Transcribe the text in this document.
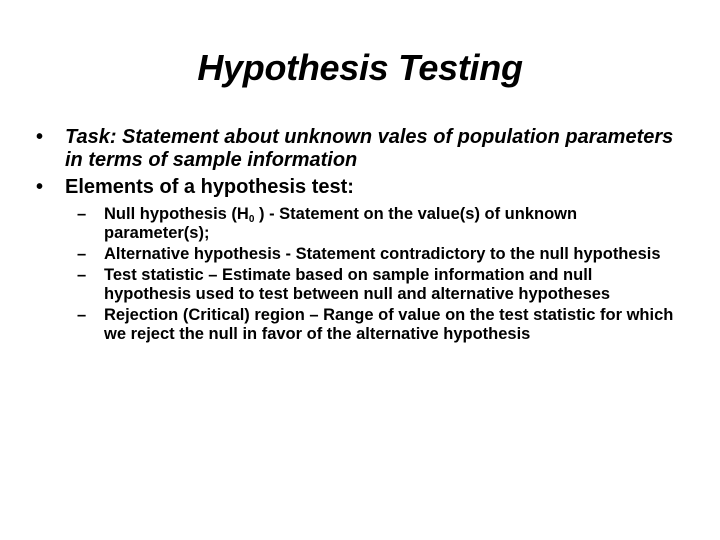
Hypothesis Testing
• Task: Statement about unknown vales of population parameters in terms of sample information
• Elements of a hypothesis test:
– Null hypothesis (H0 ) - Statement on the value(s) of unknown parameter(s);
– Alternative hypothesis - Statement contradictory to the null hypothesis
– Test statistic – Estimate based on sample information and null hypothesis used to test between null and alternative hypotheses
– Rejection (Critical) region – Range of value on the test statistic for which we reject the null in favor of the alternative hypothesis
